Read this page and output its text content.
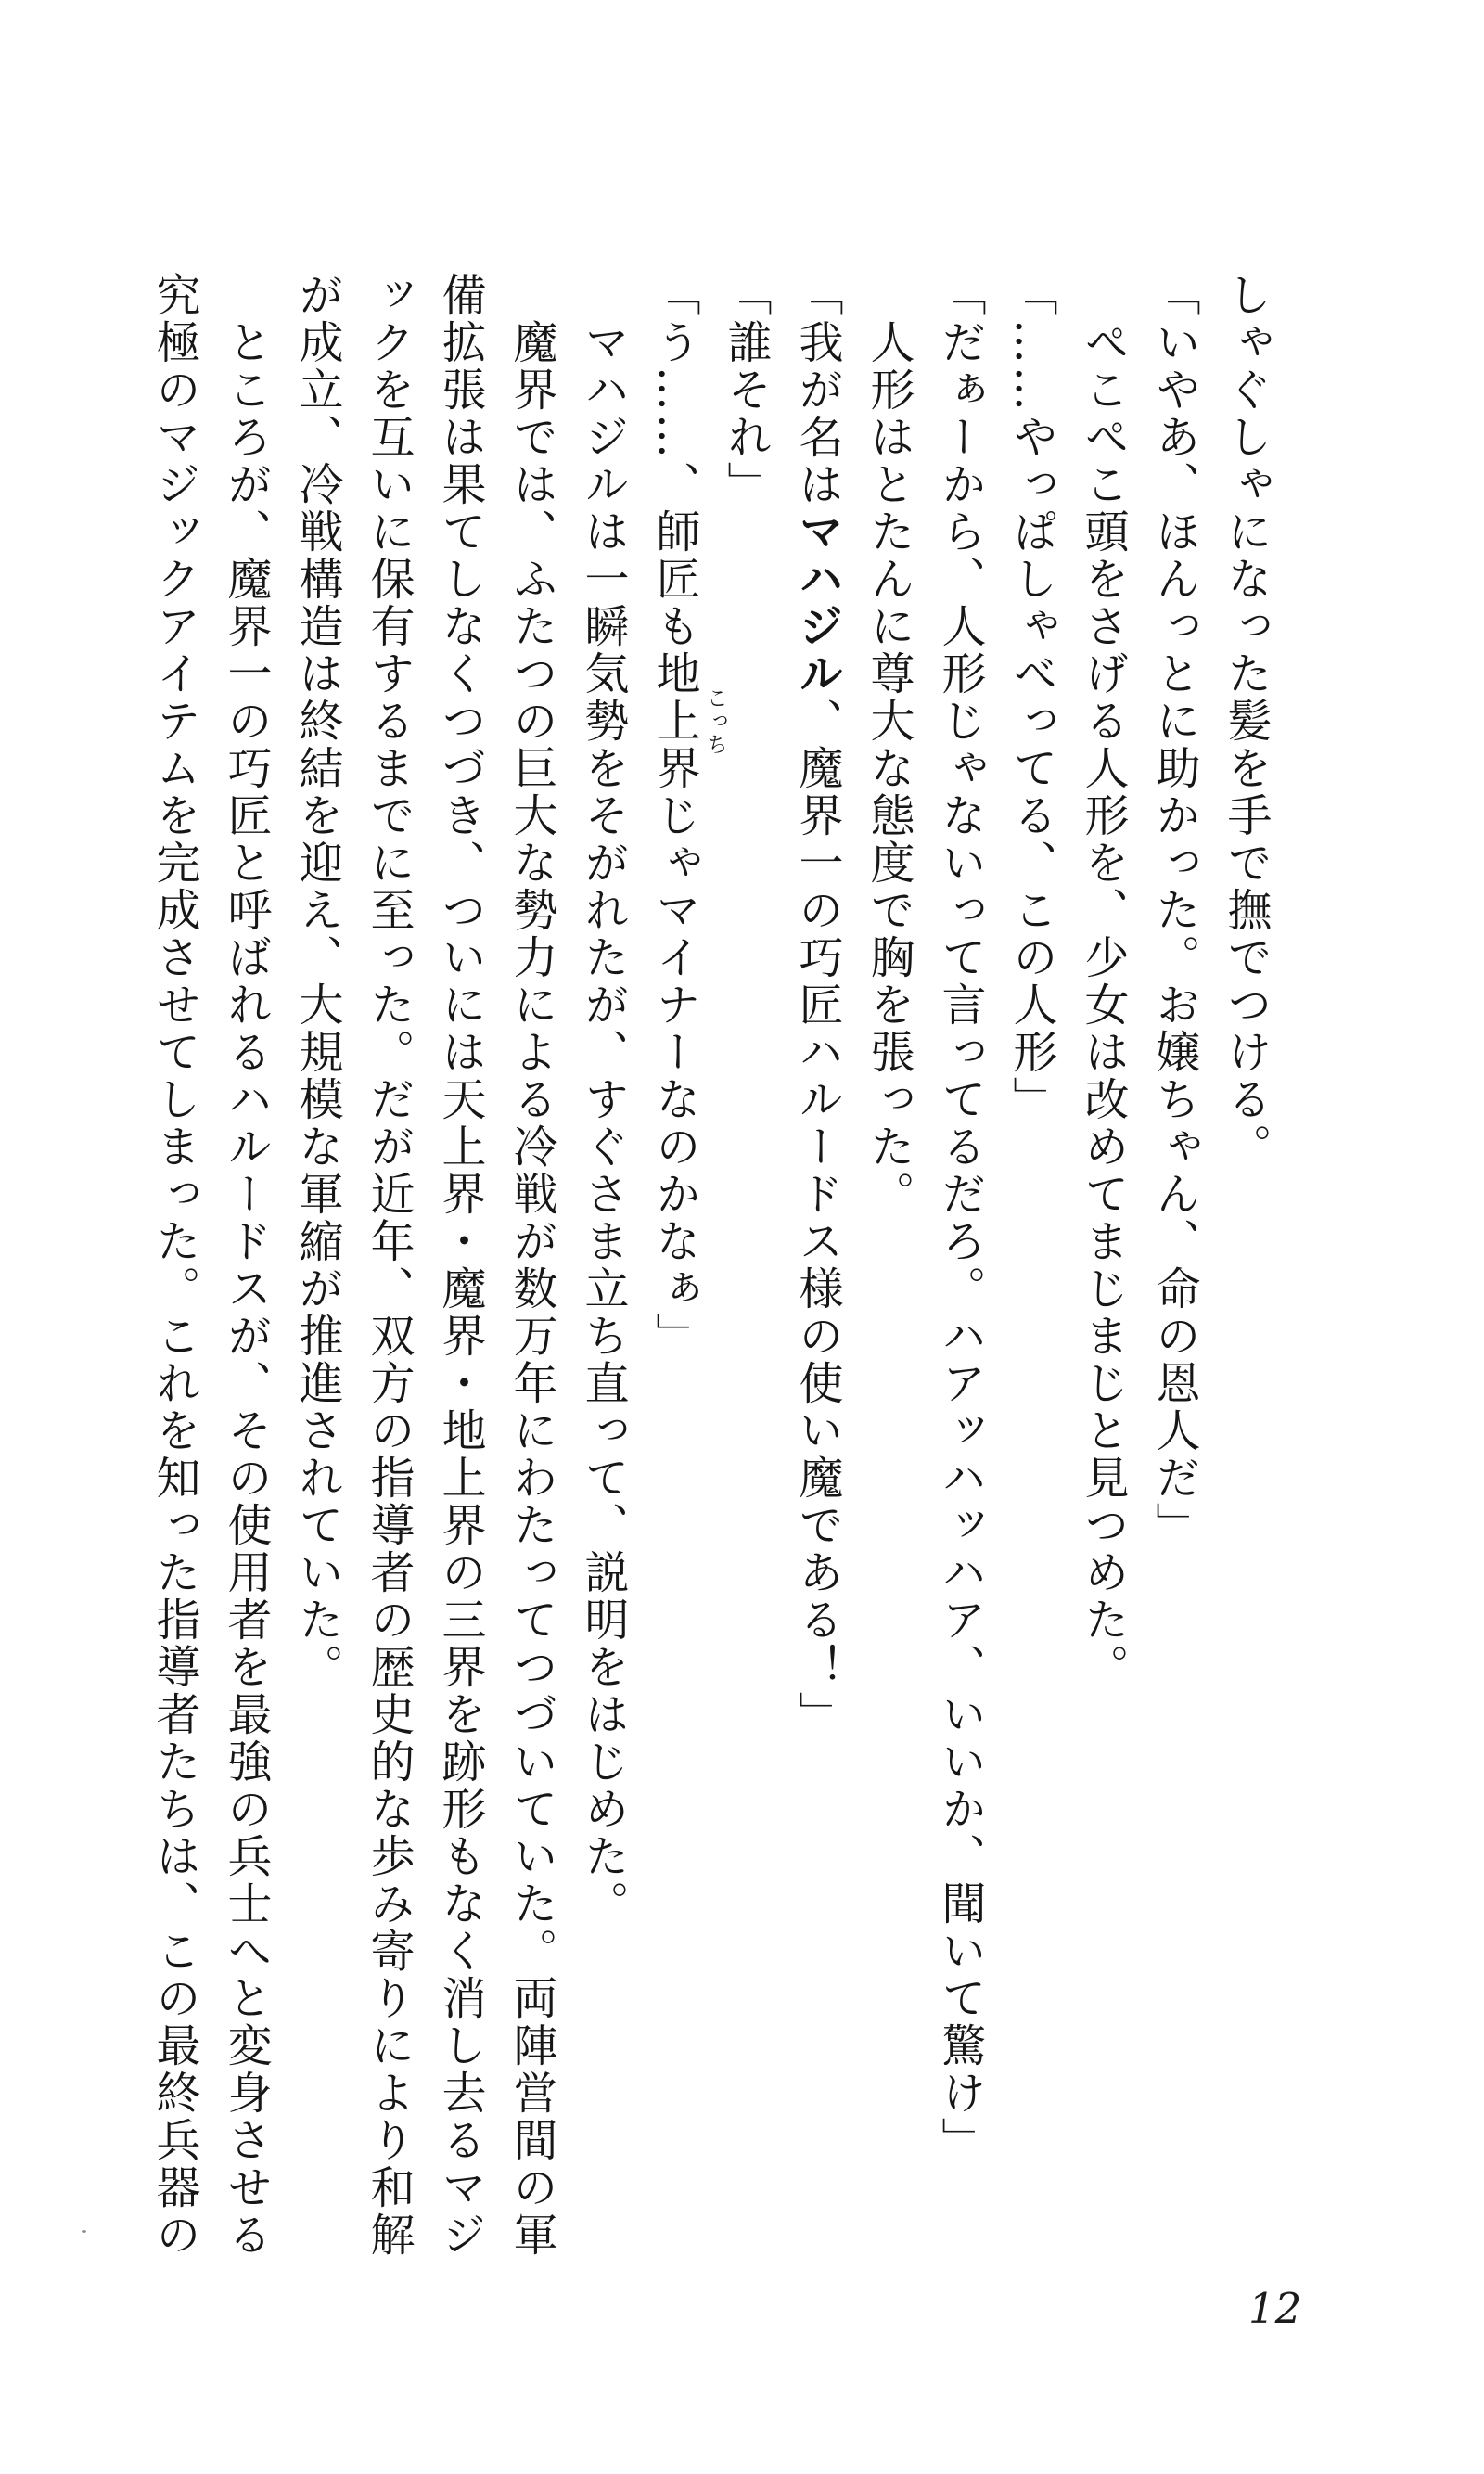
しゃぐしゃになった髪を手で撫でつける。
「いやあ、ほんっとに助かった。お嬢ちゃん、命の恩人だ」
ぺこぺこ頭をさげる人形を、少女は改めてまじまじと見つめた。
「……やっぱしゃべってる、この人形」
「だぁーから、人形じゃないって言ってるだろ。ハアッハッハア、いいか、聞いて驚け」
人形はとたんに尊大な態度で胸を張った。
「我が名はマハジル、魔界一の巧匠ハルードス様の使い魔である！」
「誰それ」
「う……、師匠も地上界 こっち
じゃマイナーなのかなぁ」
マハジルは一瞬気勢をそがれたが、すぐさま立ち直って、説明をはじめた。
魔界では、ふたつの巨大な勢力による冷戦が数万年にわたってつづいていた。両陣営間の軍
備拡張は果てしなくつづき、ついには天上界・魔界・地上界の三界を跡形もなく消し去るマジ
ックを互いに保有するまでに至った。だが近年、双方の指導者の歴史的な歩み寄りにより和解
が成立、冷戦構造は終結を迎え、大規模な軍縮が推進されていた。
ところが、魔界一の巧匠と呼ばれるハルードスが、その使用者を最強の兵士へと変身させる
究極のマジックアイテムを完成させてしまった。これを知った指導者たちは、この最終兵器の
12
